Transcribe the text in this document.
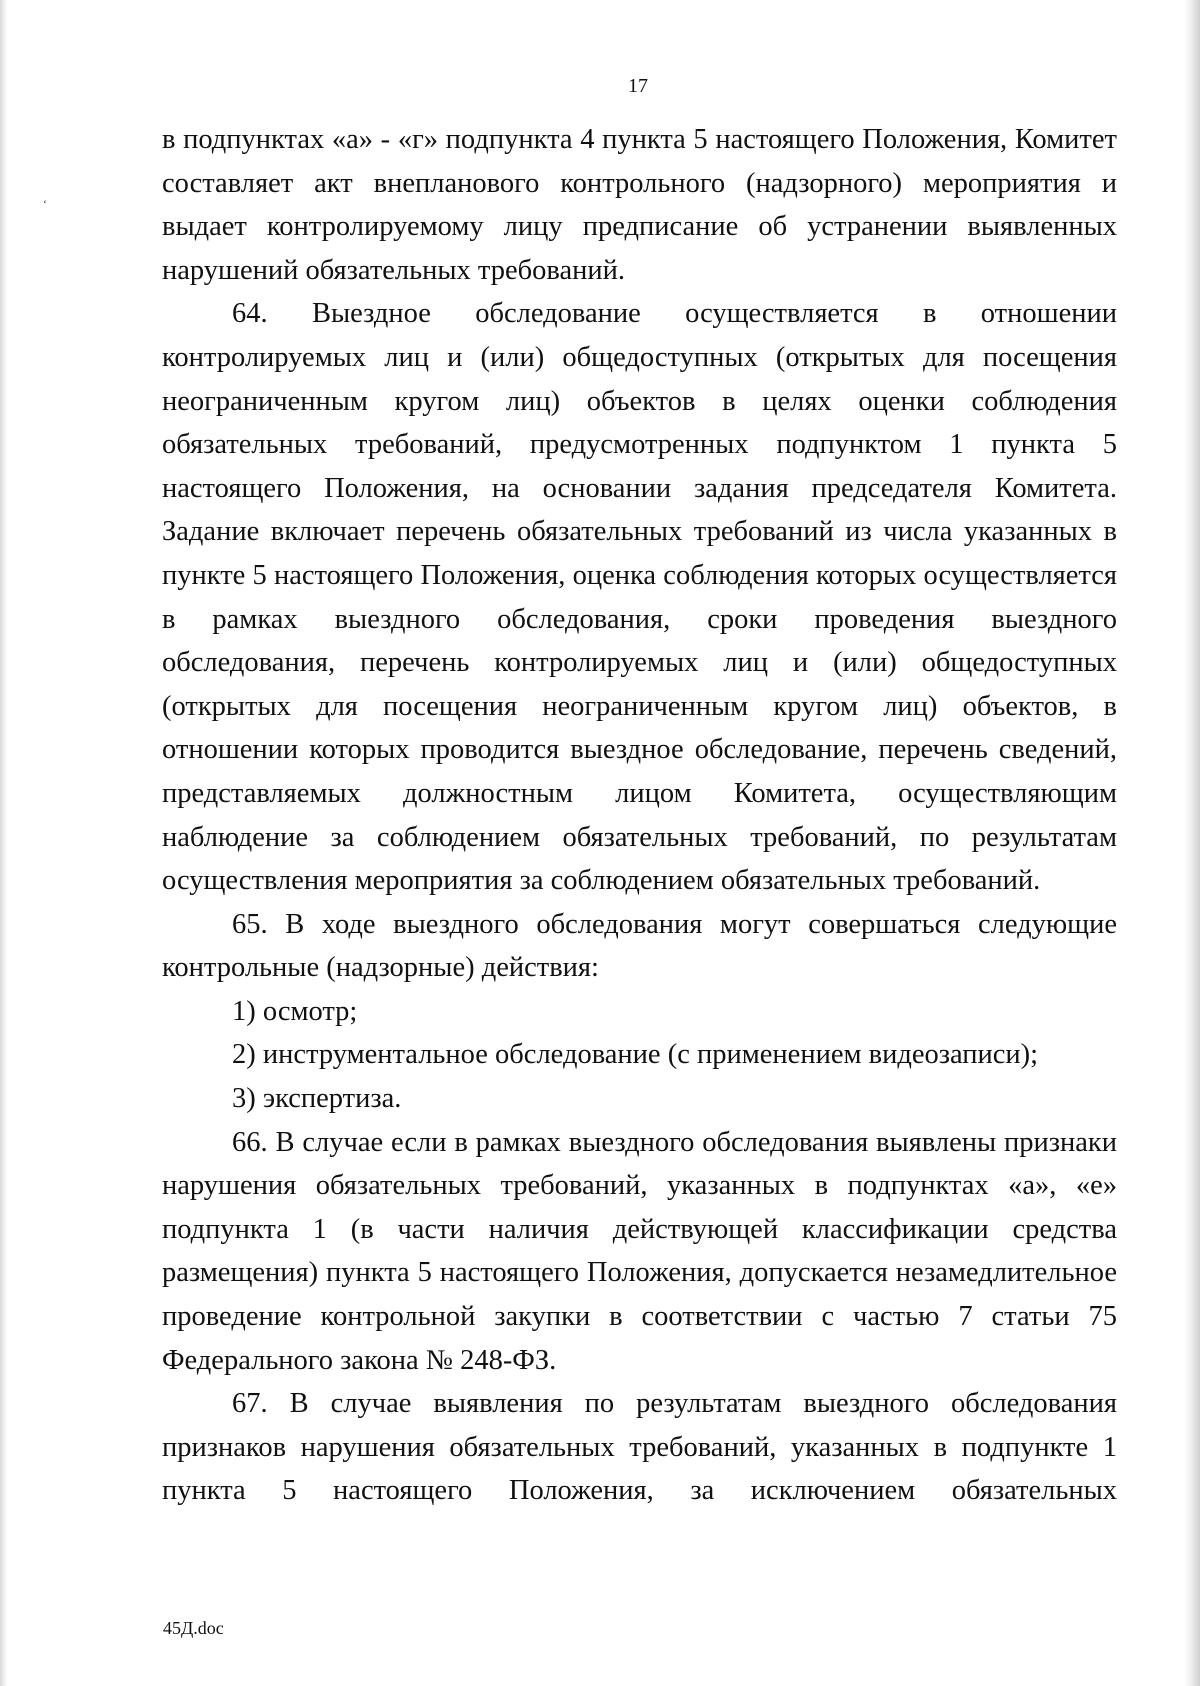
‘
17

в подпунктах «а» - «г» подпункта 4 пункта 5 настоящего Положения, Комитет составляет акт внепланового контрольного (надзорного) мероприятия и выдает контролируемому лицу предписание об устранении выявленных нарушений обязательных требований.

64. Выездное обследование осуществляется в отношении контролируемых лиц и (или) общедоступных (открытых для посещения неограниченным кругом лиц) объектов в целях оценки соблюдения обязательных требований, предусмотренных подпунктом 1 пункта 5 настоящего Положения, на основании задания председателя Комитета. Задание включает перечень обязательных требований из числа указанных в пункте 5 настоящего Положения, оценка соблюдения которых осуществляется в рамках выездного обследования, сроки проведения выездного обследования, перечень контролируемых лиц и (или) общедоступных (открытых для посещения неограниченным кругом лиц) объектов, в отношении которых проводится выездное обследование, перечень сведений, представляемых должностным лицом Комитета, осуществляющим наблюдение за соблюдением обязательных требований, по результатам осуществления мероприятия за соблюдением обязательных требований.

65. В ходе выездного обследования могут совершаться следующие контрольные (надзорные) действия:

1) осмотр;

2) инструментальное обследование (с применением видеозаписи);

3) экспертиза.

66. В случае если в рамках выездного обследования выявлены признаки нарушения обязательных требований, указанных в подпунктах «а», «е» подпункта 1 (в части наличия действующей классификации средства размещения) пункта 5 настоящего Положения, допускается незамедлительное проведение контрольной закупки в соответствии с частью 7 статьи 75 Федерального закона № 248-ФЗ.

67. В случае выявления по результатам выездного обследования признаков нарушения обязательных требований, указанных в подпункте 1 пункта 5 настоящего Положения, за исключением обязательных

45Д.doc
